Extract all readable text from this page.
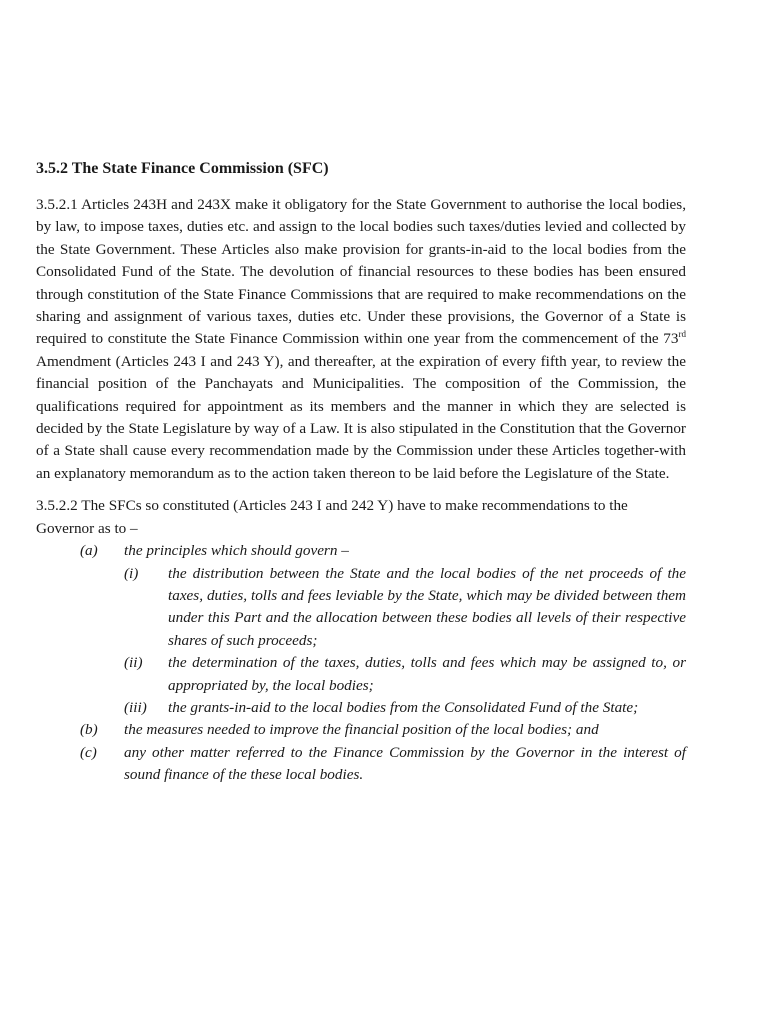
3.5.2 The State Finance Commission (SFC)

3.5.2.1 Articles 243H and 243X make it obligatory for the State Government to authorise the local bodies, by law, to impose taxes, duties etc. and assign to the local bodies such taxes/duties levied and collected by the State Government. These Articles also make provision for grants-in-aid to the local bodies from the Consolidated Fund of the State. The devolution of financial resources to these bodies has been ensured through constitution of the State Finance Commissions that are required to make recommendations on the sharing and assignment of various taxes, duties etc. Under these provisions, the Governor of a State is required to constitute the State Finance Commission within one year from the commencement of the 73rd Amendment (Articles 243 I and 243 Y), and thereafter, at the expiration of every fifth year, to review the financial position of the Panchayats and Municipalities. The composition of the Commission, the qualifications required for appointment as its members and the manner in which they are selected is decided by the State Legislature by way of a Law. It is also stipulated in the Constitution that the Governor of a State shall cause every recommendation made by the Commission under these Articles together-with an explanatory memorandum as to the action taken thereon to be laid before the Legislature of the State.

3.5.2.2 The SFCs so constituted (Articles 243 I and 242 Y) have to make recommendations to the Governor as to –

(a)	the principles which should govern –
(i)	the distribution between the State and the local bodies of the net proceeds of the taxes, duties, tolls and fees leviable by the State, which may be divided between them under this Part and the allocation between these bodies all levels of their respective shares of such proceeds;
(ii)	the determination of the taxes, duties, tolls and fees which may be assigned to, or appropriated by, the local bodies;
(iii)	the grants-in-aid to the local bodies from the Consolidated Fund of the State;
(b)	the measures needed to improve the financial position of the local bodies; and
(c)	any other matter referred to the Finance Commission by the Governor in the interest of sound finance of the these local bodies.
